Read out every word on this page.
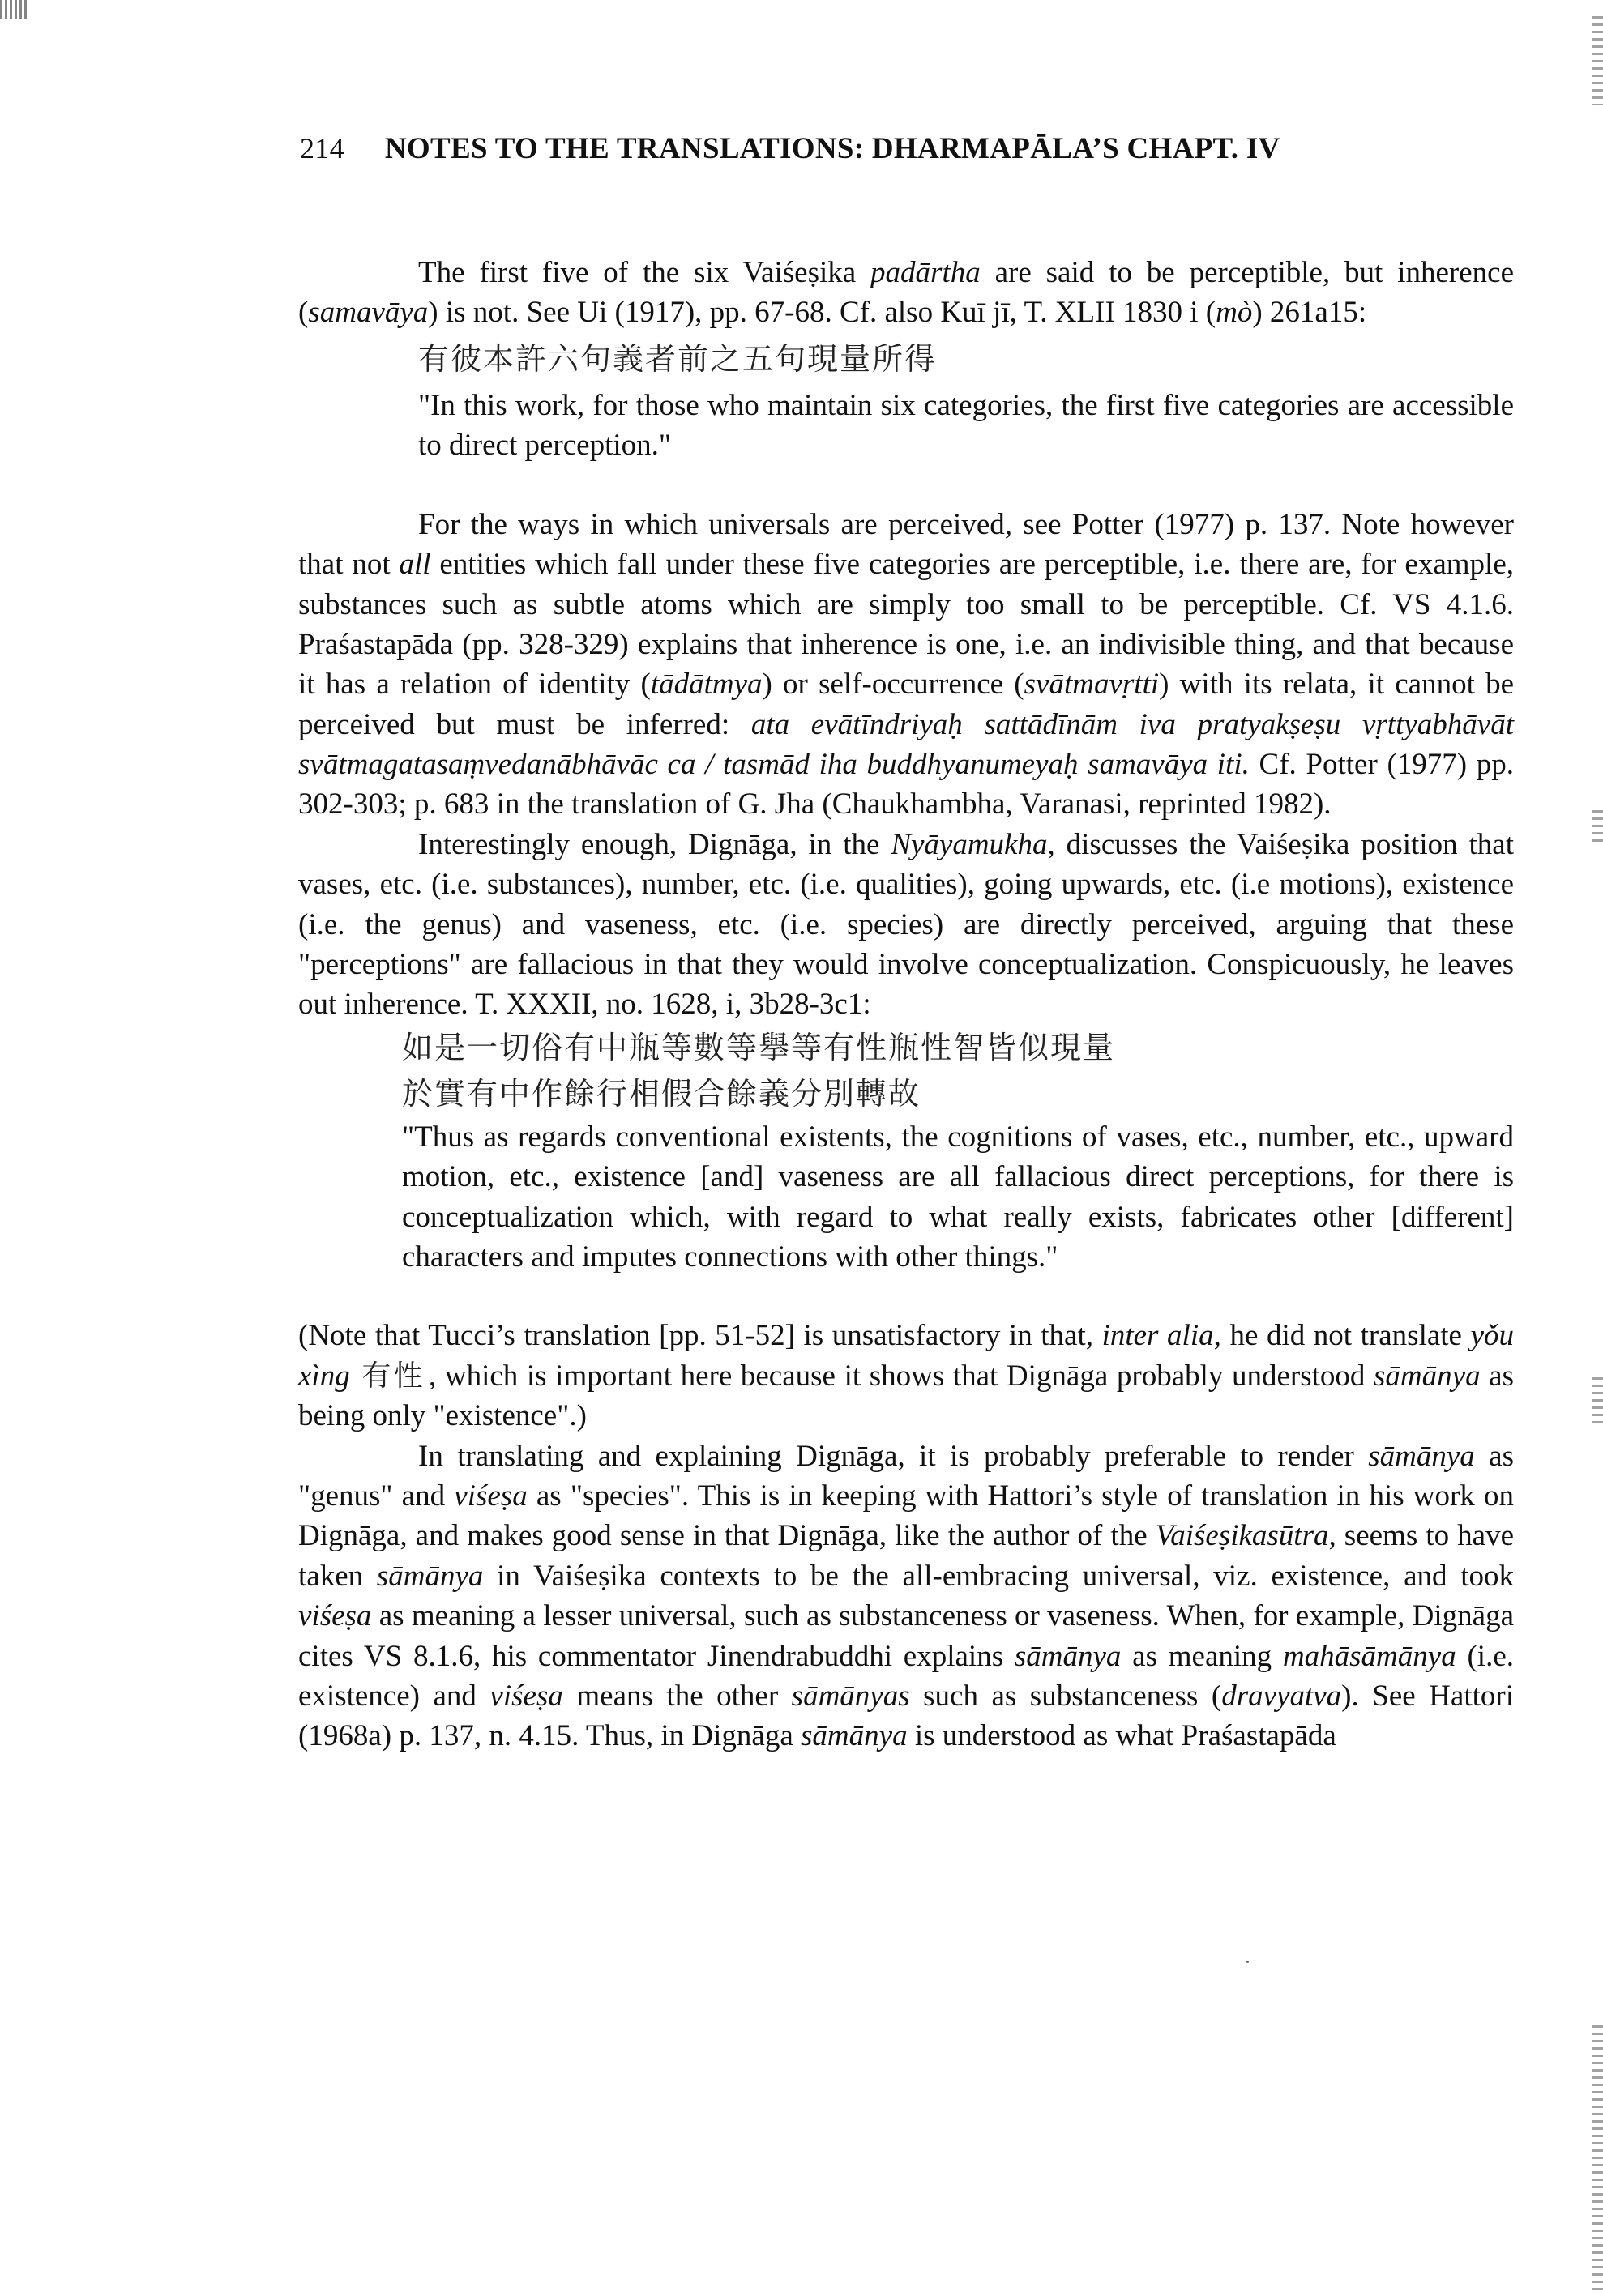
214 NOTES TO THE TRANSLATIONS: DHARMAPĀLA’S CHAPT. IV

The first five of the six Vaiśeṣika padārtha are said to be perceptible, but inherence (samavāya) is not. See Ui (1917), pp. 67-68. Cf. also Kuī jī, T. XLII 1830 i (mò) 261a15:

有彼本許六句義者前之五句現量所得

"In this work, for those who maintain six categories, the first five categories are accessible to direct perception."

For the ways in which universals are perceived, see Potter (1977) p. 137. Note however that not all entities which fall under these five categories are perceptible, i.e. there are, for example, substances such as subtle atoms which are simply too small to be perceptible. Cf. VS 4.1.6. Praśastapāda (pp. 328-329) explains that inherence is one, i.e. an indivisible thing, and that because it has a relation of identity (tādātmya) or self-occurrence (svātmavṛtti) with its relata, it cannot be perceived but must be inferred: ata evātīndriyaḥ sattādīnām iva pratyakṣeṣu vṛttyabhāvāt svātmagatasaṃvedanābhāvāc ca / tasmād iha buddhyanumeyaḥ samavāya iti. Cf. Potter (1977) pp. 302-303; p. 683 in the translation of G. Jha (Chaukhambha, Varanasi, reprinted 1982).

Interestingly enough, Dignāga, in the Nyāyamukha, discusses the Vaiśeṣika position that vases, etc. (i.e. substances), number, etc. (i.e. qualities), going upwards, etc. (i.e motions), existence (i.e. the genus) and vaseness, etc. (i.e. species) are directly perceived, arguing that these "perceptions" are fallacious in that they would involve conceptualization. Conspicuously, he leaves out inherence. T. XXXII, no. 1628, i, 3b28-3c1:

如是一切俗有中瓶等數等擧等有性瓶性智皆似現量
於實有中作餘行相假合餘義分別轉故

"Thus as regards conventional existents, the cognitions of vases, etc., number, etc., upward motion, etc., existence [and] vaseness are all fallacious direct perceptions, for there is conceptualization which, with regard to what really exists, fabricates other [different] characters and imputes connections with other things."

(Note that Tucci’s translation [pp. 51-52] is unsatisfactory in that, inter alia, he did not translate yǒu xìng 有性 , which is important here because it shows that Dignāga probably understood sāmānya as being only "existence".)

In translating and explaining Dignāga, it is probably preferable to render sāmānya as "genus" and viśeṣa as "species". This is in keeping with Hattori’s style of translation in his work on Dignāga, and makes good sense in that Dignāga, like the author of the Vaiśeṣikasūtra, seems to have taken sāmānya in Vaiśeṣika contexts to be the all-embracing universal, viz. existence, and took viśeṣa as meaning a lesser universal, such as substanceness or vaseness. When, for example, Dignāga cites VS 8.1.6, his commentator Jinendrabuddhi explains sāmānya as meaning mahāsāmānya (i.e. existence) and viśeṣa means the other sāmānyas such as substanceness (dravyatva). See Hattori (1968a) p. 137, n. 4.15. Thus, in Dignāga sāmānya is understood as what Praśastapāda
